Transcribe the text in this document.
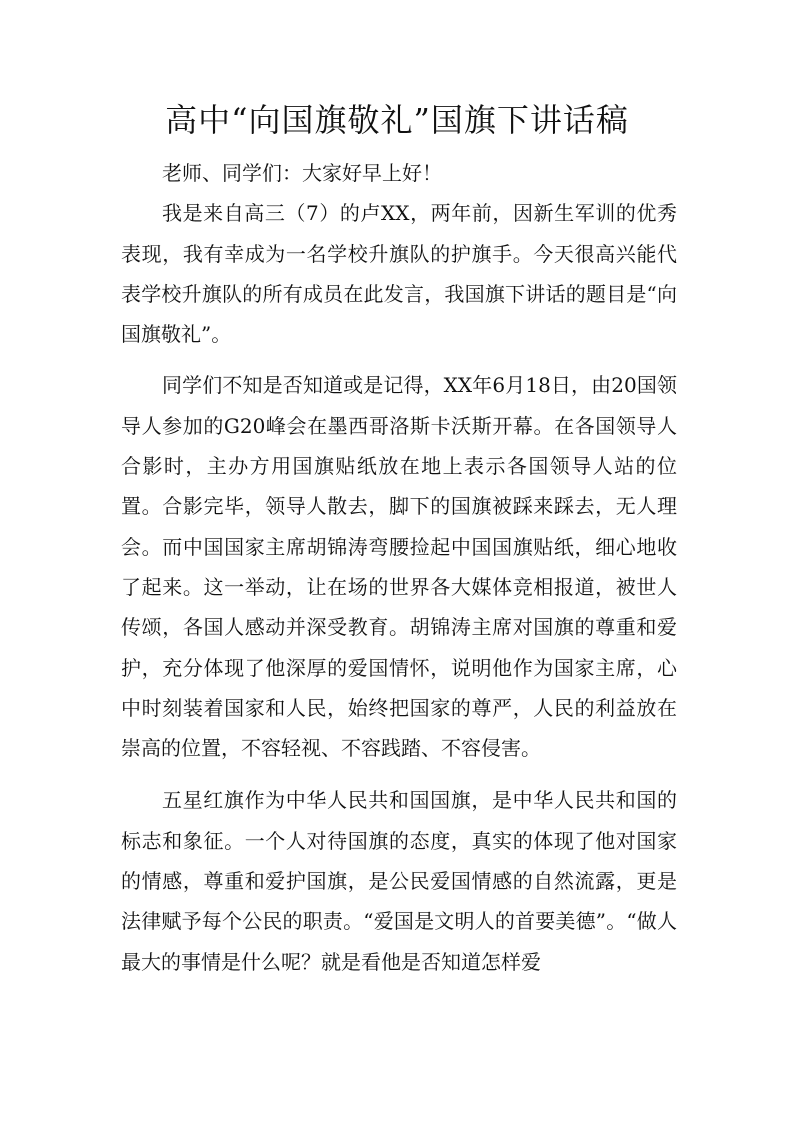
高中“向国旗敬礼”国旗下讲话稿

老师、同学们：大家好早上好！

我是来自高三（7）的卢XX，两年前，因新生军训的优秀表现，我有幸成为一名学校升旗队的护旗手。今天很高兴能代表学校升旗队的所有成员在此发言，我国旗下讲话的题目是“向国旗敬礼”。

同学们不知是否知道或是记得，XX年6月18日，由20国领导人参加的G20峰会在墨西哥洛斯卡沃斯开幕。在各国领导人合影时，主办方用国旗贴纸放在地上表示各国领导人站的位置。合影完毕，领导人散去，脚下的国旗被踩来踩去，无人理会。而中国国家主席胡锦涛弯腰捡起中国国旗贴纸，细心地收了起来。这一举动，让在场的世界各大媒体竞相报道，被世人传颂，各国人感动并深受教育。胡锦涛主席对国旗的尊重和爱护，充分体现了他深厚的爱国情怀，说明他作为国家主席，心中时刻装着国家和人民，始终把国家的尊严，人民的利益放在崇高的位置，不容轻视、不容践踏、不容侵害。

五星红旗作为中华人民共和国国旗，是中华人民共和国的标志和象征。一个人对待国旗的态度，真实的体现了他对国家的情感，尊重和爱护国旗，是公民爱国情感的自然流露，更是法律赋予每个公民的职责。“爱国是文明人的首要美德”。“做人最大的事情是什么呢？就是看他是否知道怎样爱
